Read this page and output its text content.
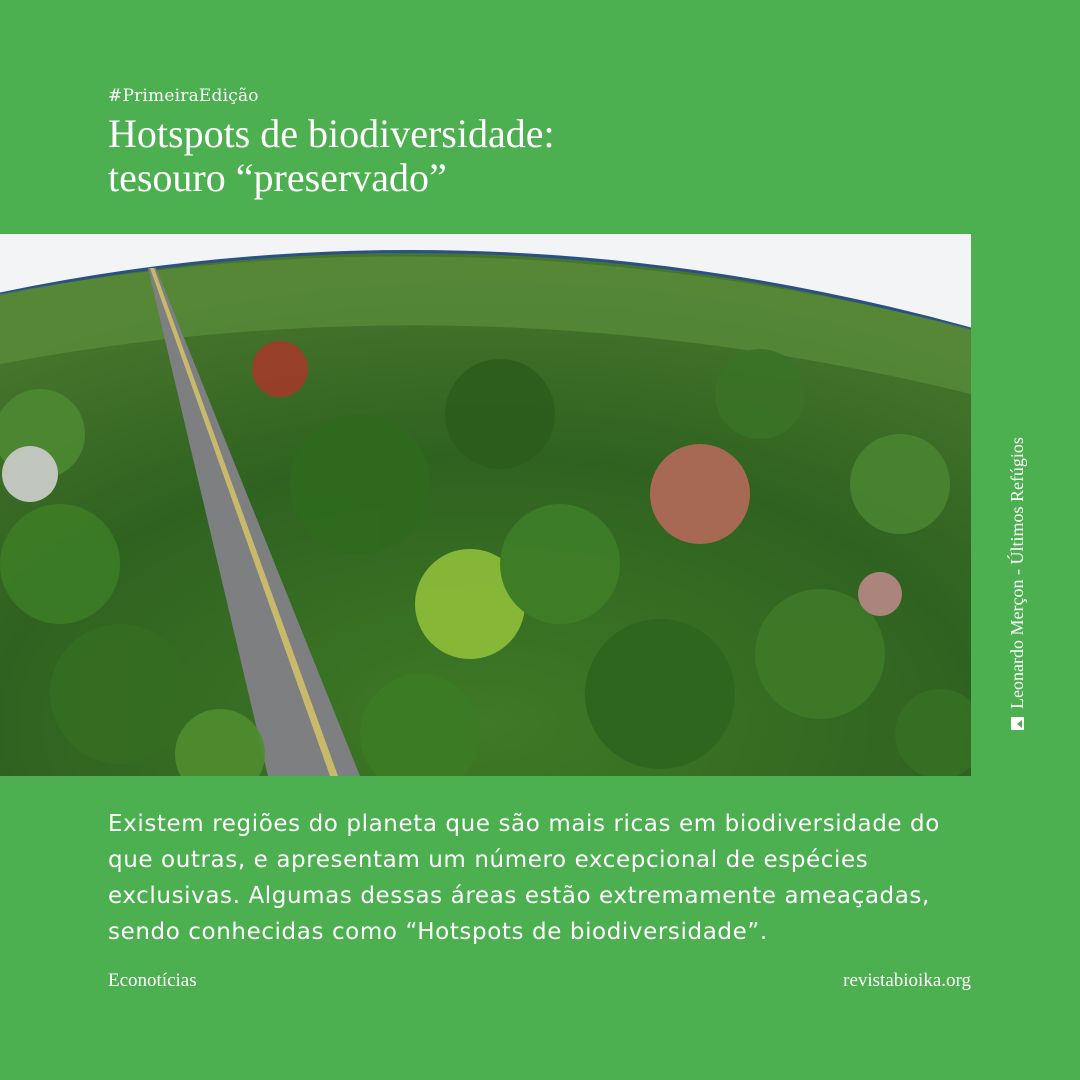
#PrimeiraEdição
Hotspots de biodiversidade:
tesouro “preservado”
Leonardo Merçon - Últimos Refúgios

Existem regiões do planeta que são mais ricas em biodiversidade do que outras, e apresentam um número excepcional de espécies exclusivas. Algumas dessas áreas estão extremamente ameaçadas, sendo conhecidas como “Hotspots de biodiversidade”.

Econotícias	revistabioika.org
